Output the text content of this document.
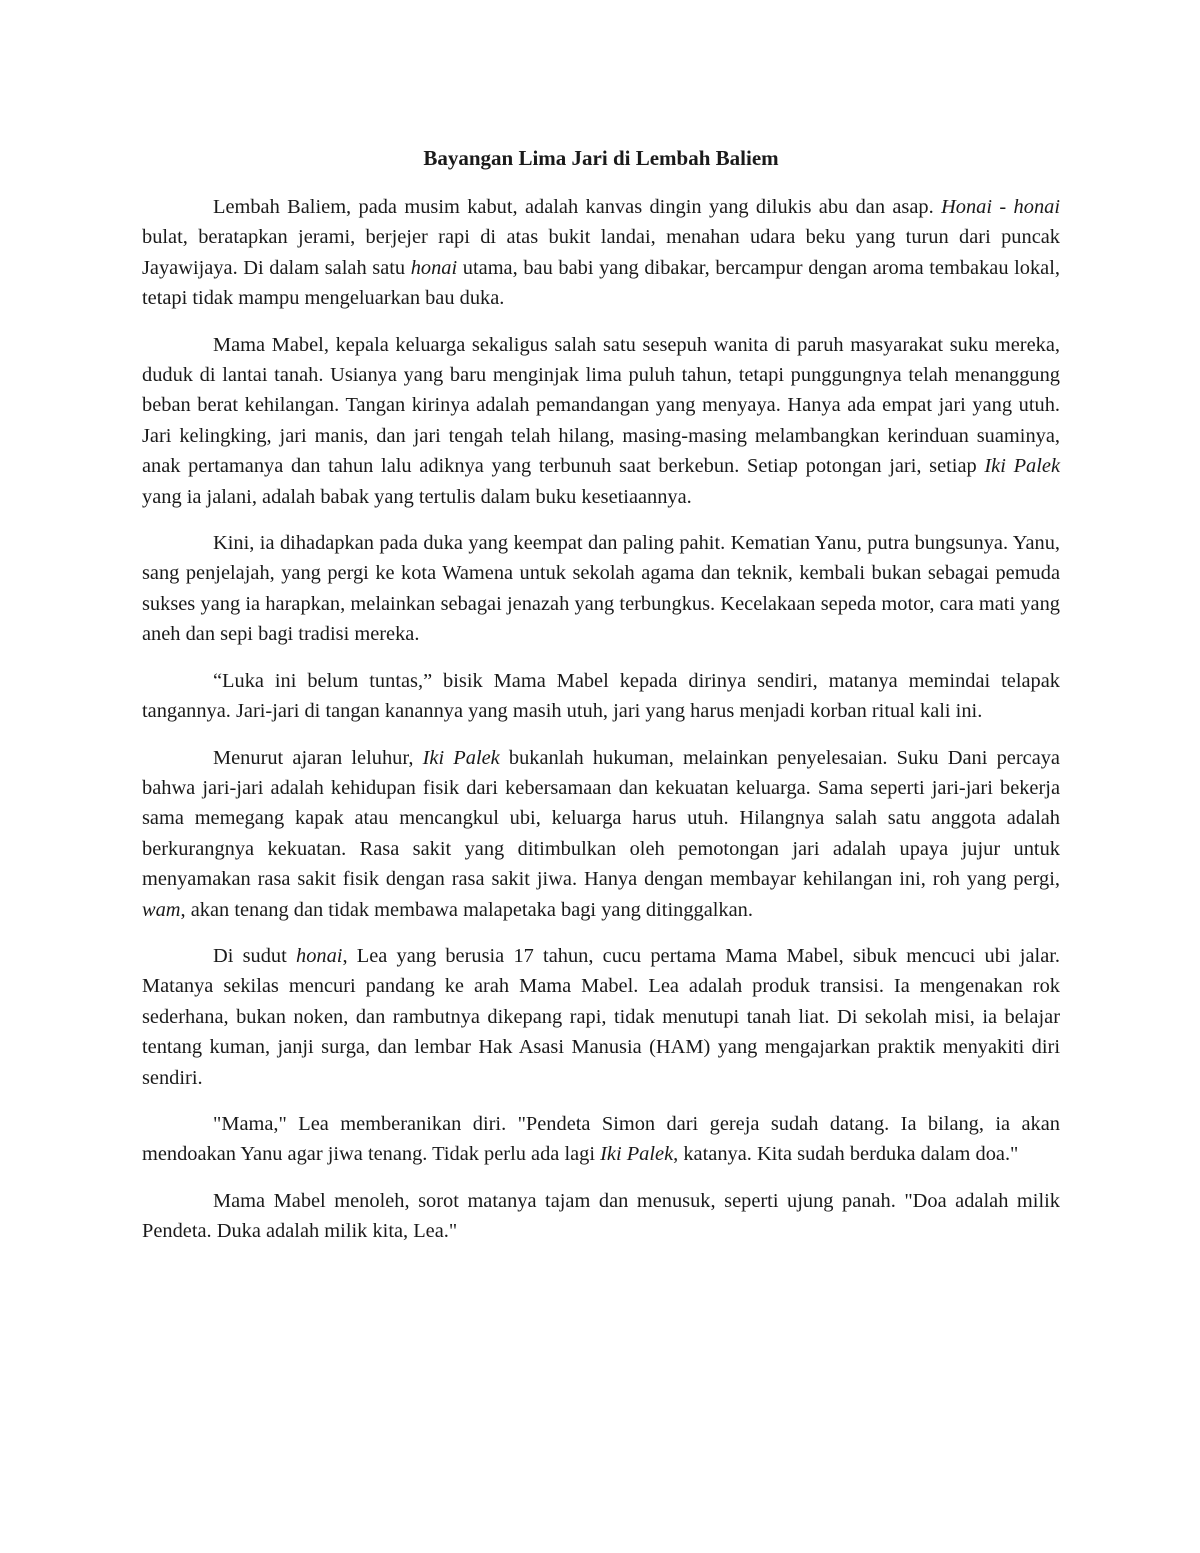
Bayangan Lima Jari di Lembah Baliem

Lembah Baliem, pada musim kabut, adalah kanvas dingin yang dilukis abu dan asap. Honai - honai bulat, beratapkan jerami, berjejer rapi di atas bukit landai, menahan udara beku yang turun dari puncak Jayawijaya. Di dalam salah satu honai utama, bau babi yang dibakar, bercampur dengan aroma tembakau lokal, tetapi tidak mampu mengeluarkan bau duka.

Mama Mabel, kepala keluarga sekaligus salah satu sesepuh wanita di paruh masyarakat suku mereka, duduk di lantai tanah. Usianya yang baru menginjak lima puluh tahun, tetapi punggungnya telah menanggung beban berat kehilangan. Tangan kirinya adalah pemandangan yang menyaya. Hanya ada empat jari yang utuh. Jari kelingking, jari manis, dan jari tengah telah hilang, masing-masing melambangkan kerinduan suaminya, anak pertamanya dan tahun lalu adiknya yang terbunuh saat berkebun. Setiap potongan jari, setiap Iki Palek yang ia jalani, adalah babak yang tertulis dalam buku kesetiaannya.

Kini, ia dihadapkan pada duka yang keempat dan paling pahit. Kematian Yanu, putra bungsunya. Yanu, sang penjelajah, yang pergi ke kota Wamena untuk sekolah agama dan teknik, kembali bukan sebagai pemuda sukses yang ia harapkan, melainkan sebagai jenazah yang terbungkus. Kecelakaan sepeda motor, cara mati yang aneh dan sepi bagi tradisi mereka.

“Luka ini belum tuntas,” bisik Mama Mabel kepada dirinya sendiri, matanya memindai telapak tangannya. Jari-jari di tangan kanannya yang masih utuh, jari yang harus menjadi korban ritual kali ini.

Menurut ajaran leluhur, Iki Palek bukanlah hukuman, melainkan penyelesaian. Suku Dani percaya bahwa jari-jari adalah kehidupan fisik dari kebersamaan dan kekuatan keluarga. Sama seperti jari-jari bekerja sama memegang kapak atau mencangkul ubi, keluarga harus utuh. Hilangnya salah satu anggota adalah berkurangnya kekuatan. Rasa sakit yang ditimbulkan oleh pemotongan jari adalah upaya jujur untuk menyamakan rasa sakit fisik dengan rasa sakit jiwa. Hanya dengan membayar kehilangan ini, roh yang pergi, wam, akan tenang dan tidak membawa malapetaka bagi yang ditinggalkan.

Di sudut honai, Lea yang berusia 17 tahun, cucu pertama Mama Mabel, sibuk mencuci ubi jalar. Matanya sekilas mencuri pandang ke arah Mama Mabel. Lea adalah produk transisi. Ia mengenakan rok sederhana, bukan noken, dan rambutnya dikepang rapi, tidak menutupi tanah liat. Di sekolah misi, ia belajar tentang kuman, janji surga, dan lembar Hak Asasi Manusia (HAM) yang mengajarkan praktik menyakiti diri sendiri.

"Mama," Lea memberanikan diri. "Pendeta Simon dari gereja sudah datang. Ia bilang, ia akan mendoakan Yanu agar jiwa tenang. Tidak perlu ada lagi Iki Palek, katanya. Kita sudah berduka dalam doa."

Mama Mabel menoleh, sorot matanya tajam dan menusuk, seperti ujung panah. "Doa adalah milik Pendeta. Duka adalah milik kita, Lea."
